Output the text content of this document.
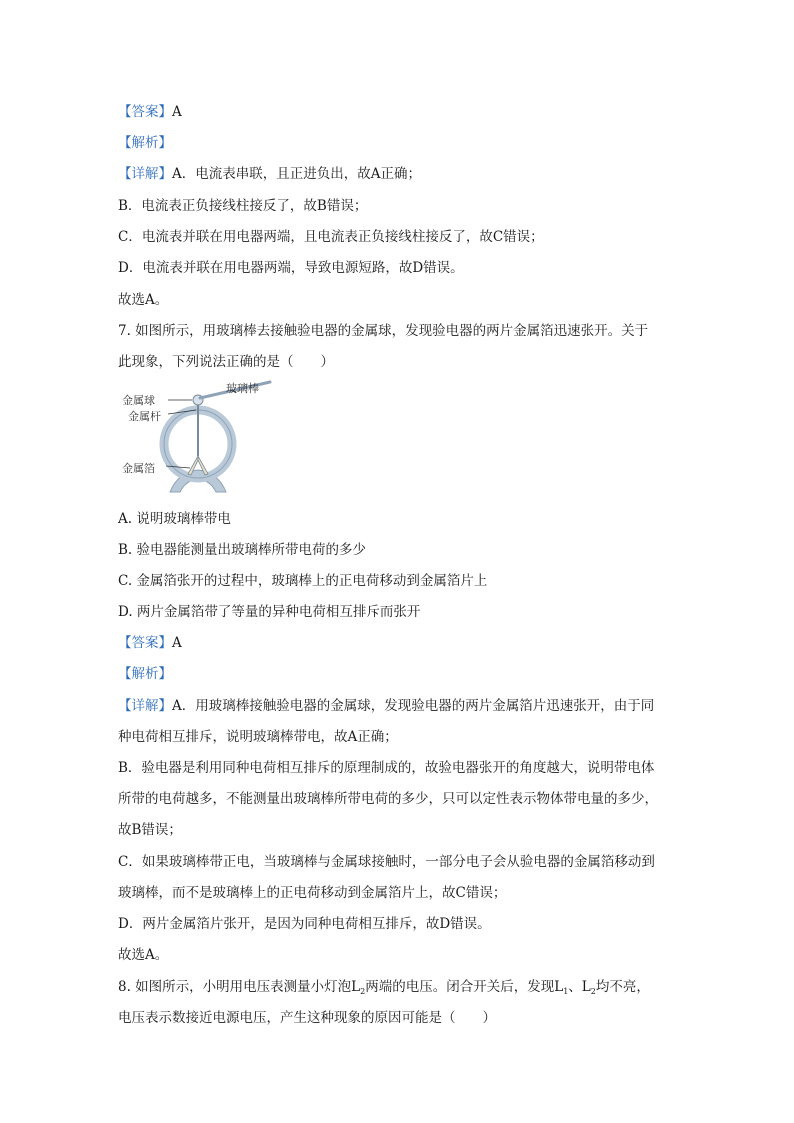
【答案】A
【解析】
【详解】A．电流表串联，且正进负出，故A正确；
B．电流表正负接线柱接反了，故B错误；
C．电流表并联在用电器两端，且电流表正负接线柱接反了，故C错误；
D．电流表并联在用电器两端，导致电源短路，故D错误。
故选A。
7. 如图所示，用玻璃棒去接触验电器的金属球，发现验电器的两片金属箔迅速张开。关于
此现象，下列说法正确的是（　　）
玻璃棒
金属球
金属杆
金属箔
A. 说明玻璃棒带电
B. 验电器能测量出玻璃棒所带电荷的多少
C. 金属箔张开的过程中，玻璃棒上的正电荷移动到金属箔片上
D. 两片金属箔带了等量的异种电荷相互排斥而张开
【答案】A
【解析】
【详解】A．用玻璃棒接触验电器的金属球，发现验电器的两片金属箔片迅速张开，由于同
种电荷相互排斥，说明玻璃棒带电，故A正确；
B．验电器是利用同种电荷相互排斥的原理制成的，故验电器张开的角度越大，说明带电体
所带的电荷越多，不能测量出玻璃棒所带电荷的多少，只可以定性表示物体带电量的多少，
故B错误；
C．如果玻璃棒带正电，当玻璃棒与金属球接触时，一部分电子会从验电器的金属箔移动到
玻璃棒，而不是玻璃棒上的正电荷移动到金属箔片上，故C错误；
D．两片金属箔片张开，是因为同种电荷相互排斥，故D错误。
故选A。
8. 如图所示，小明用电压表测量小灯泡$L_2$两端的电压。闭合开关后，发现$L_1$、$L_2$均不亮，
电压表示数接近电源电压，产生这种现象的原因可能是（　　）
